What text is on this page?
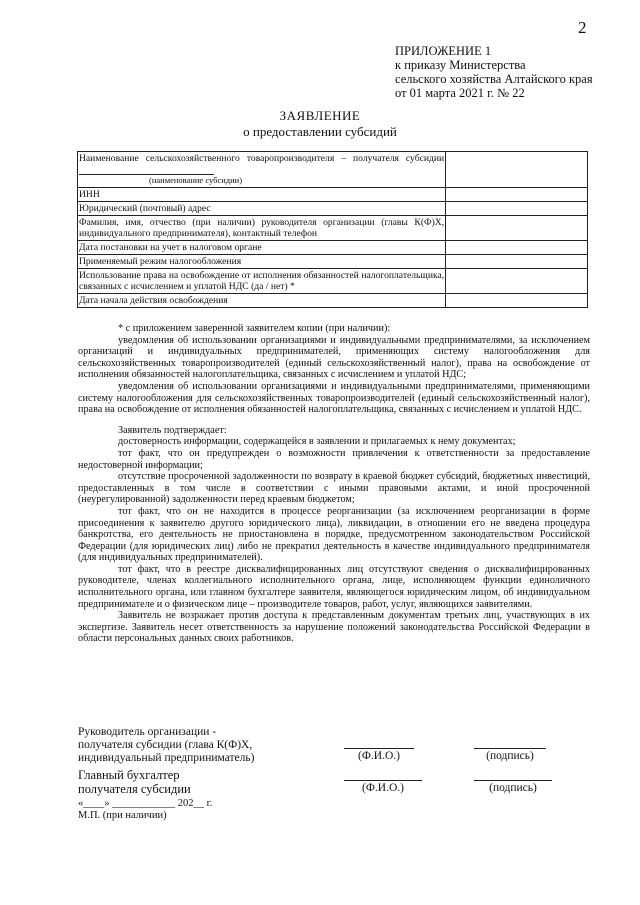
2
ПРИЛОЖЕНИЕ 1
к приказу Министерства
сельского хозяйства Алтайского края
от 01 марта 2021 г. № 22
ЗАЯВЛЕНИЕ
о предоставлении субсидий
Наименование сельскохозяйственного товаропроизводителя – получателя субсидии
(наименование субсидии)	

ИНН	
Юридический (почтовый) адрес	
Фамилия, имя, отчество (при наличии) руководителя организации (главы К(Ф)Х, индивидуального предпринимателя), контактный телефон	
Дата постановки на учет в налоговом органе	
Применяемый режим налогообложения	
Использование права на освобождение от исполнения обязанностей налогоплательщика, связанных с исчислением и уплатой НДС (да / нет) *	
Дата начала действия освобождения	

* с приложением заверенной заявителем копии (при наличии):

уведомления об использовании организациями и индивидуальными предпринимателями, за исключением организаций и индивидуальных предпринимателей, применяющих систему налогообложения для сельскохозяйственных товаропроизводителей (единый сельскохозяйственный налог), права на освобождение от исполнения обязанностей налогоплательщика, связанных с исчислением и уплатой НДС;

уведомления об использовании организациями и индивидуальными предпринимателями, применяющими систему налогообложения для сельскохозяйственных товаропроизводителей (единый сельскохозяйственный налог), права на освобождение от исполнения обязанностей налогоплательщика, связанных с исчислением и уплатой НДС.

Заявитель подтверждает:

достоверность информации, содержащейся в заявлении и прилагаемых к нему документах;

тот факт, что он предупрежден о возможности привлечения к ответственности за предоставление недостоверной информации;

отсутствие просроченной задолженности по возврату в краевой бюджет субсидий, бюджетных инвестиций, предоставленных в том числе в соответствии с иными правовыми актами, и иной просроченной (неурегулированной) задолженности перед краевым бюджетом;

тот факт, что он не находится в процессе реорганизации (за исключением реорганизации в форме присоединения к заявителю другого юридического лица), ликвидации, в отношении его не введена процедура банкротства, его деятельность не приостановлена в порядке, предусмотренном законодательством Российской Федерации (для юридических лиц) либо не прекратил деятельность в качестве индивидуального предпринимателя (для индивидуальных предпринимателей).

тот факт, что в реестре дисквалифицированных лиц отсутствуют сведения о дисквалифицированных руководителе, членах коллегиального исполнительного органа, лице, исполняющем функции единоличного исполнительного органа, или главном бухгалтере заявителя, являющегося юридическим лицом, об индивидуальном предпринимателе и о физическом лице – производителе товаров, работ, услуг, являющихся заявителями.

Заявитель не возражает против доступа к представленным документам третьих лиц, участвующих в их экспертизе. Заявитель несет ответственность за нарушение положений законодательства Российской Федерации в области персональных данных своих работников.

Руководитель организации -
получателя субсидии (глава К(Ф)Х,
индивидуальный предприниматель)	(Ф.И.О.)	(подпись)
Главный бухгалтер
получателя субсидии	(Ф.И.О.)	(подпись)
«____» ____________ 202__ г.
М.П. (при наличии)
